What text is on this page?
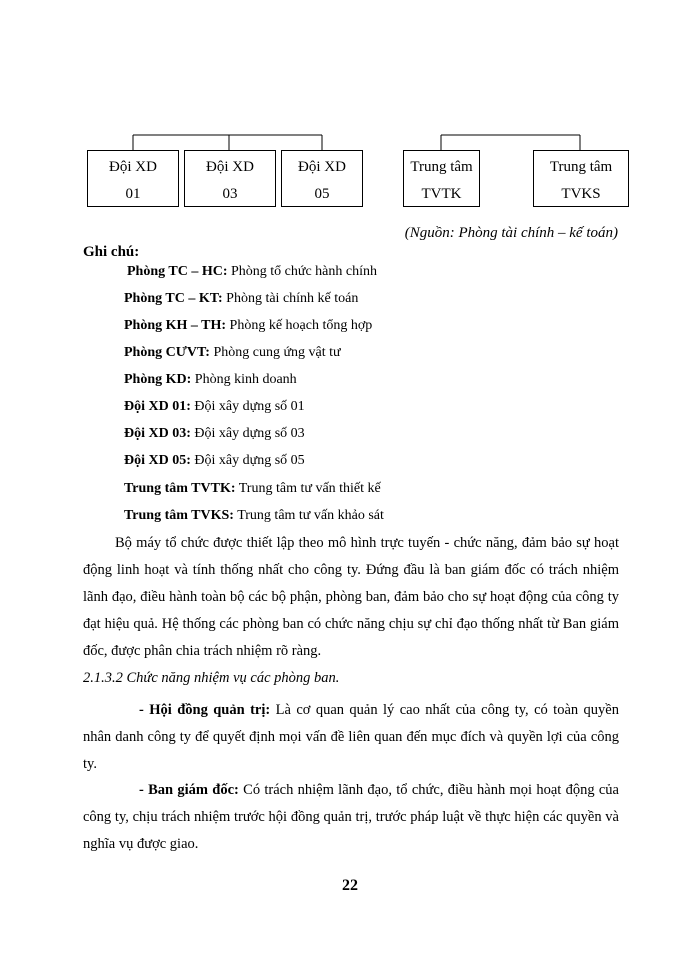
Đội XD
01
Đội XD
03
Đội XD
05
Trung tâm
TVTK
Trung tâm
TVKS
(Nguồn: Phòng tài chính – kế toán)
Ghi chú:
Phòng TC – HC: Phòng tổ chức hành chính
Phòng TC – KT: Phòng tài chính kế toán
Phòng KH – TH: Phòng kế hoạch tổng hợp
Phòng CƯVT: Phòng cung ứng vật tư
Phòng KD: Phòng kinh doanh
Đội XD 01: Đội xây dựng số 01
Đội XD 03: Đội xây dựng số 03
Đội XD 05: Đội xây dựng số 05
Trung tâm TVTK: Trung tâm tư vấn thiết kế
Trung tâm TVKS: Trung tâm tư vấn khảo sát
Bộ máy tổ chức được thiết lập theo mô hình trực tuyến - chức năng, đảm bảo sự hoạt động linh hoạt và tính thống nhất cho công ty. Đứng đầu là ban giám đốc có trách nhiệm lãnh đạo, điều hành toàn bộ các bộ phận, phòng ban, đảm bảo cho sự hoạt động của công ty đạt hiệu quả. Hệ thống các phòng ban có chức năng chịu sự chỉ đạo thống nhất từ Ban giám đốc, được phân chia trách nhiệm rõ ràng.
2.1.3.2 Chức năng nhiệm vụ các phòng ban.
- Hội đồng quản trị: Là cơ quan quản lý cao nhất của công ty, có toàn quyền nhân danh công ty để quyết định mọi vấn đề liên quan đến mục đích và quyền lợi của công ty.
- Ban giám đốc: Có trách nhiệm lãnh đạo, tổ chức, điều hành mọi hoạt động của công ty, chịu trách nhiệm trước hội đồng quản trị, trước pháp luật về thực hiện các quyền và nghĩa vụ được giao.
22
